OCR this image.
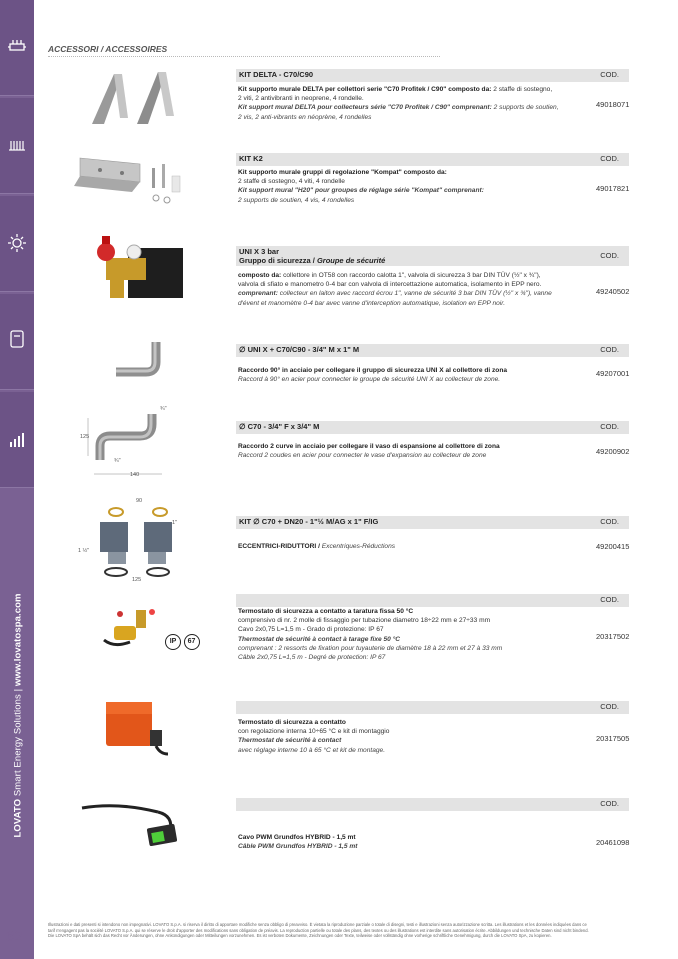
LOVATO Smart Energy Solutions | www.lovatospa.com
82
ACCESSORI / ACCESSOIRES
KIT DELTA - C70/C90	COD.
Kit supporto murale DELTA per collettori serie "C70 Profitek / C90" composto da: 2 staffe di sostegno,
2 viti, 2 antivibranti in neoprene, 4 rondelle.
Kit support mural DELTA pour collecteurs série "C70 Profitek / C90" comprenant: 2 supports de soutien,
2 vis, 2 anti-vibrants en néoprène, 4 rondelles
49018071
KIT K2	COD.
Kit supporto murale gruppi di regolazione "Kompat" composto da:
2 staffe di sostegno, 4 viti, 4 rondelle
Kit support mural "H20" pour groupes de réglage série "Kompat" comprenant:
2 supports de soutien, 4 vis, 4 rondelles
49017821
UNI X 3 bar
Gruppo di sicurezza / Groupe de sécurité
COD.
composto da: collettore in OT58 con raccordo calotta 1", valvola di sicurezza 3 bar DIN TÜV (½" x ¾"),
valvola di sfiato e manometro 0-4 bar con valvola di intercettazione automatica, isolamento in EPP nero.
comprenant: collecteur en laiton avec raccord écrou 1", vanne de sécurité 3 bar DIN TÜV (½" x ¾"), vanne
d'évent et manomètre 0-4 bar avec vanne d'interception automatique, isolation en EPP noir.
49240502
∅ UNI X + C70/C90 - 3/4" M x 1" M	COD.
Raccordo 90° in acciaio per collegare il gruppo di sicurezza UNI X al collettore di zona
Raccord à 90° en acier pour connecter le groupe de sécurité UNI X au collecteur de zone.
49207001
¾"
125
¾"
140
∅ C70 - 3/4" F x 3/4" M	COD.
Raccordo 2 curve in acciaio per collegare il vaso di espansione al collettore di zona
Raccord 2 coudes en acier pour connecter le vase d'expansion au collecteur de zone	49200902
90
1"
1 ½"
125
KIT ∅ C70 + DN20 - 1"½ M/AG x 1" F/IG	COD.
ECCENTRICI-RIDUTTORI / Excentriques-Réductions	49200415
IP 67
COD.
Termostato di sicurezza a contatto a taratura fissa 50 °C
comprensivo di nr. 2 molle di fissaggio per tubazione diametro 18÷22 mm e 27÷33 mm
Cavo 2x0,75 L=1,5 m - Grado di protezione: IP 67
Thermostat de sécurité à contact à tarage fixe 50 °C
comprenant : 2 ressorts de fixation pour tuyauterie de diamètre 18 à 22 mm et 27 à 33 mm
Câble 2x0,75 L=1,5 m - Degré de protection: IP 67
20317502
COD.
Termostato di sicurezza a contatto
con regolazione interna 10÷65 °C e kit di montaggio
Thermostat de sécurité à contact
avec réglage interne 10 à 65 °C et kit de montage.
20317505
COD.
Cavo PWM Grundfos HYBRID - 1,5 mt
Câble PWM Grundfos HYBRID - 1,5 mt	20461098
Illustrazioni e dati presenti si intendono non impegnativi. LOVATO S.p.A. si riserva il diritto di apportare modifiche senza obbligo di preavviso. È vietata la riproduzione parziale o totale di disegni, testi e illustrazioni senza autorizzazione scritta. Les illustrations et les données indiquées dans ce
tarif n'engagent pas la société LOVATO S.p.A. qui se réserve le droit d'apporter des modifications sans obligation de préavis. La reproduction partielle ou totale des plans, des textes ou des illustrations est interdite sans autorisation écrite. Abbildungen und technische Daten sind nicht bindend.
Die LOVATO SpA behält sich das Recht vor Änderungen, ohne Ankündigungen oder Mitteilungen vorzunehmen. Es ist verboten Dokumente, Zeichnungen oder Texte, teilweise oder vollständig ohne vorherige schriftliche Genehmigung, durch die LOVATO SpA, zu kopieren.
